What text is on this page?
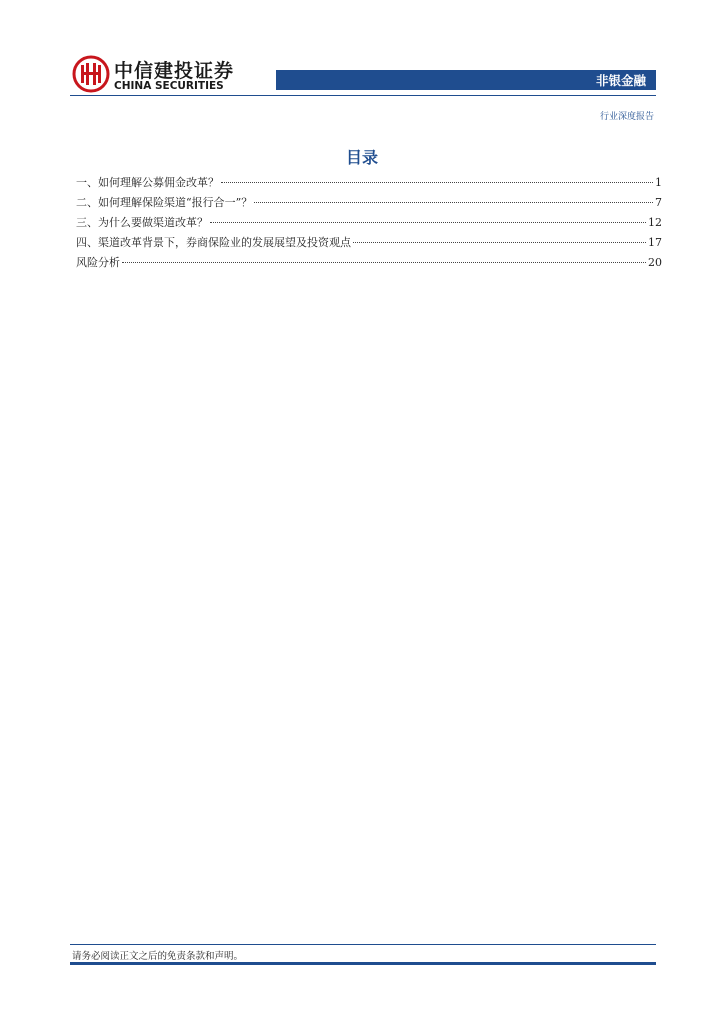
中信建投证券
CHINA SECURITIES	非银金融
行业深度报告
目录
一、如何理解公募佣金改革？	1
二、如何理解保险渠道“报行合一”？	7
三、为什么要做渠道改革？	12
四、渠道改革背景下，券商保险业的发展展望及投资观点	17
风险分析	20
请务必阅读正文之后的免责条款和声明。
